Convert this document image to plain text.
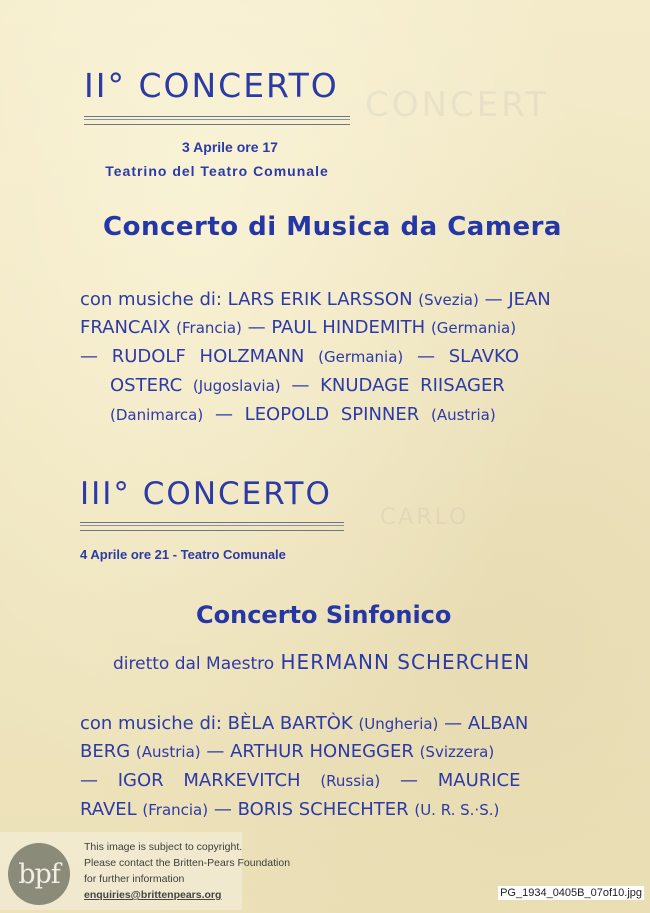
CONCERT
CARLO
II° CONCERTO
3 Aprile ore 17
Teatrino del Teatro Comunale
Concerto di Musica da Camera
con musiche di: LARS ERIK LARSSON (Svezia) — JEAN
FRANCAIX (Francia) — PAUL HINDEMITH (Germania)
— RUDOLF HOLZMANN (Germania) — SLAVKO
OSTERC (Jugoslavia) — KNUDAGE RIISAGER
(Danimarca) — LEOPOLD SPINNER (Austria)
III° CONCERTO
4 Aprile ore 21 - Teatro Comunale
Concerto Sinfonico
diretto dal Maestro HERMANN SCHERCHEN
con musiche di: BÈLA BARTÒK (Ungheria) — ALBAN
BERG (Austria) — ARTHUR HONEGGER (Svizzera)
— IGOR MARKEVITCH (Russia) — MAURICE
RAVEL (Francia) — BORIS SCHECHTER (U. R. S.·S.)
bpf
This image is subject to copyright.
Please contact the Britten-Pears Foundation
for further information
enquiries@brittenpears.org	PG_1934_0405B_07of10.jpg
